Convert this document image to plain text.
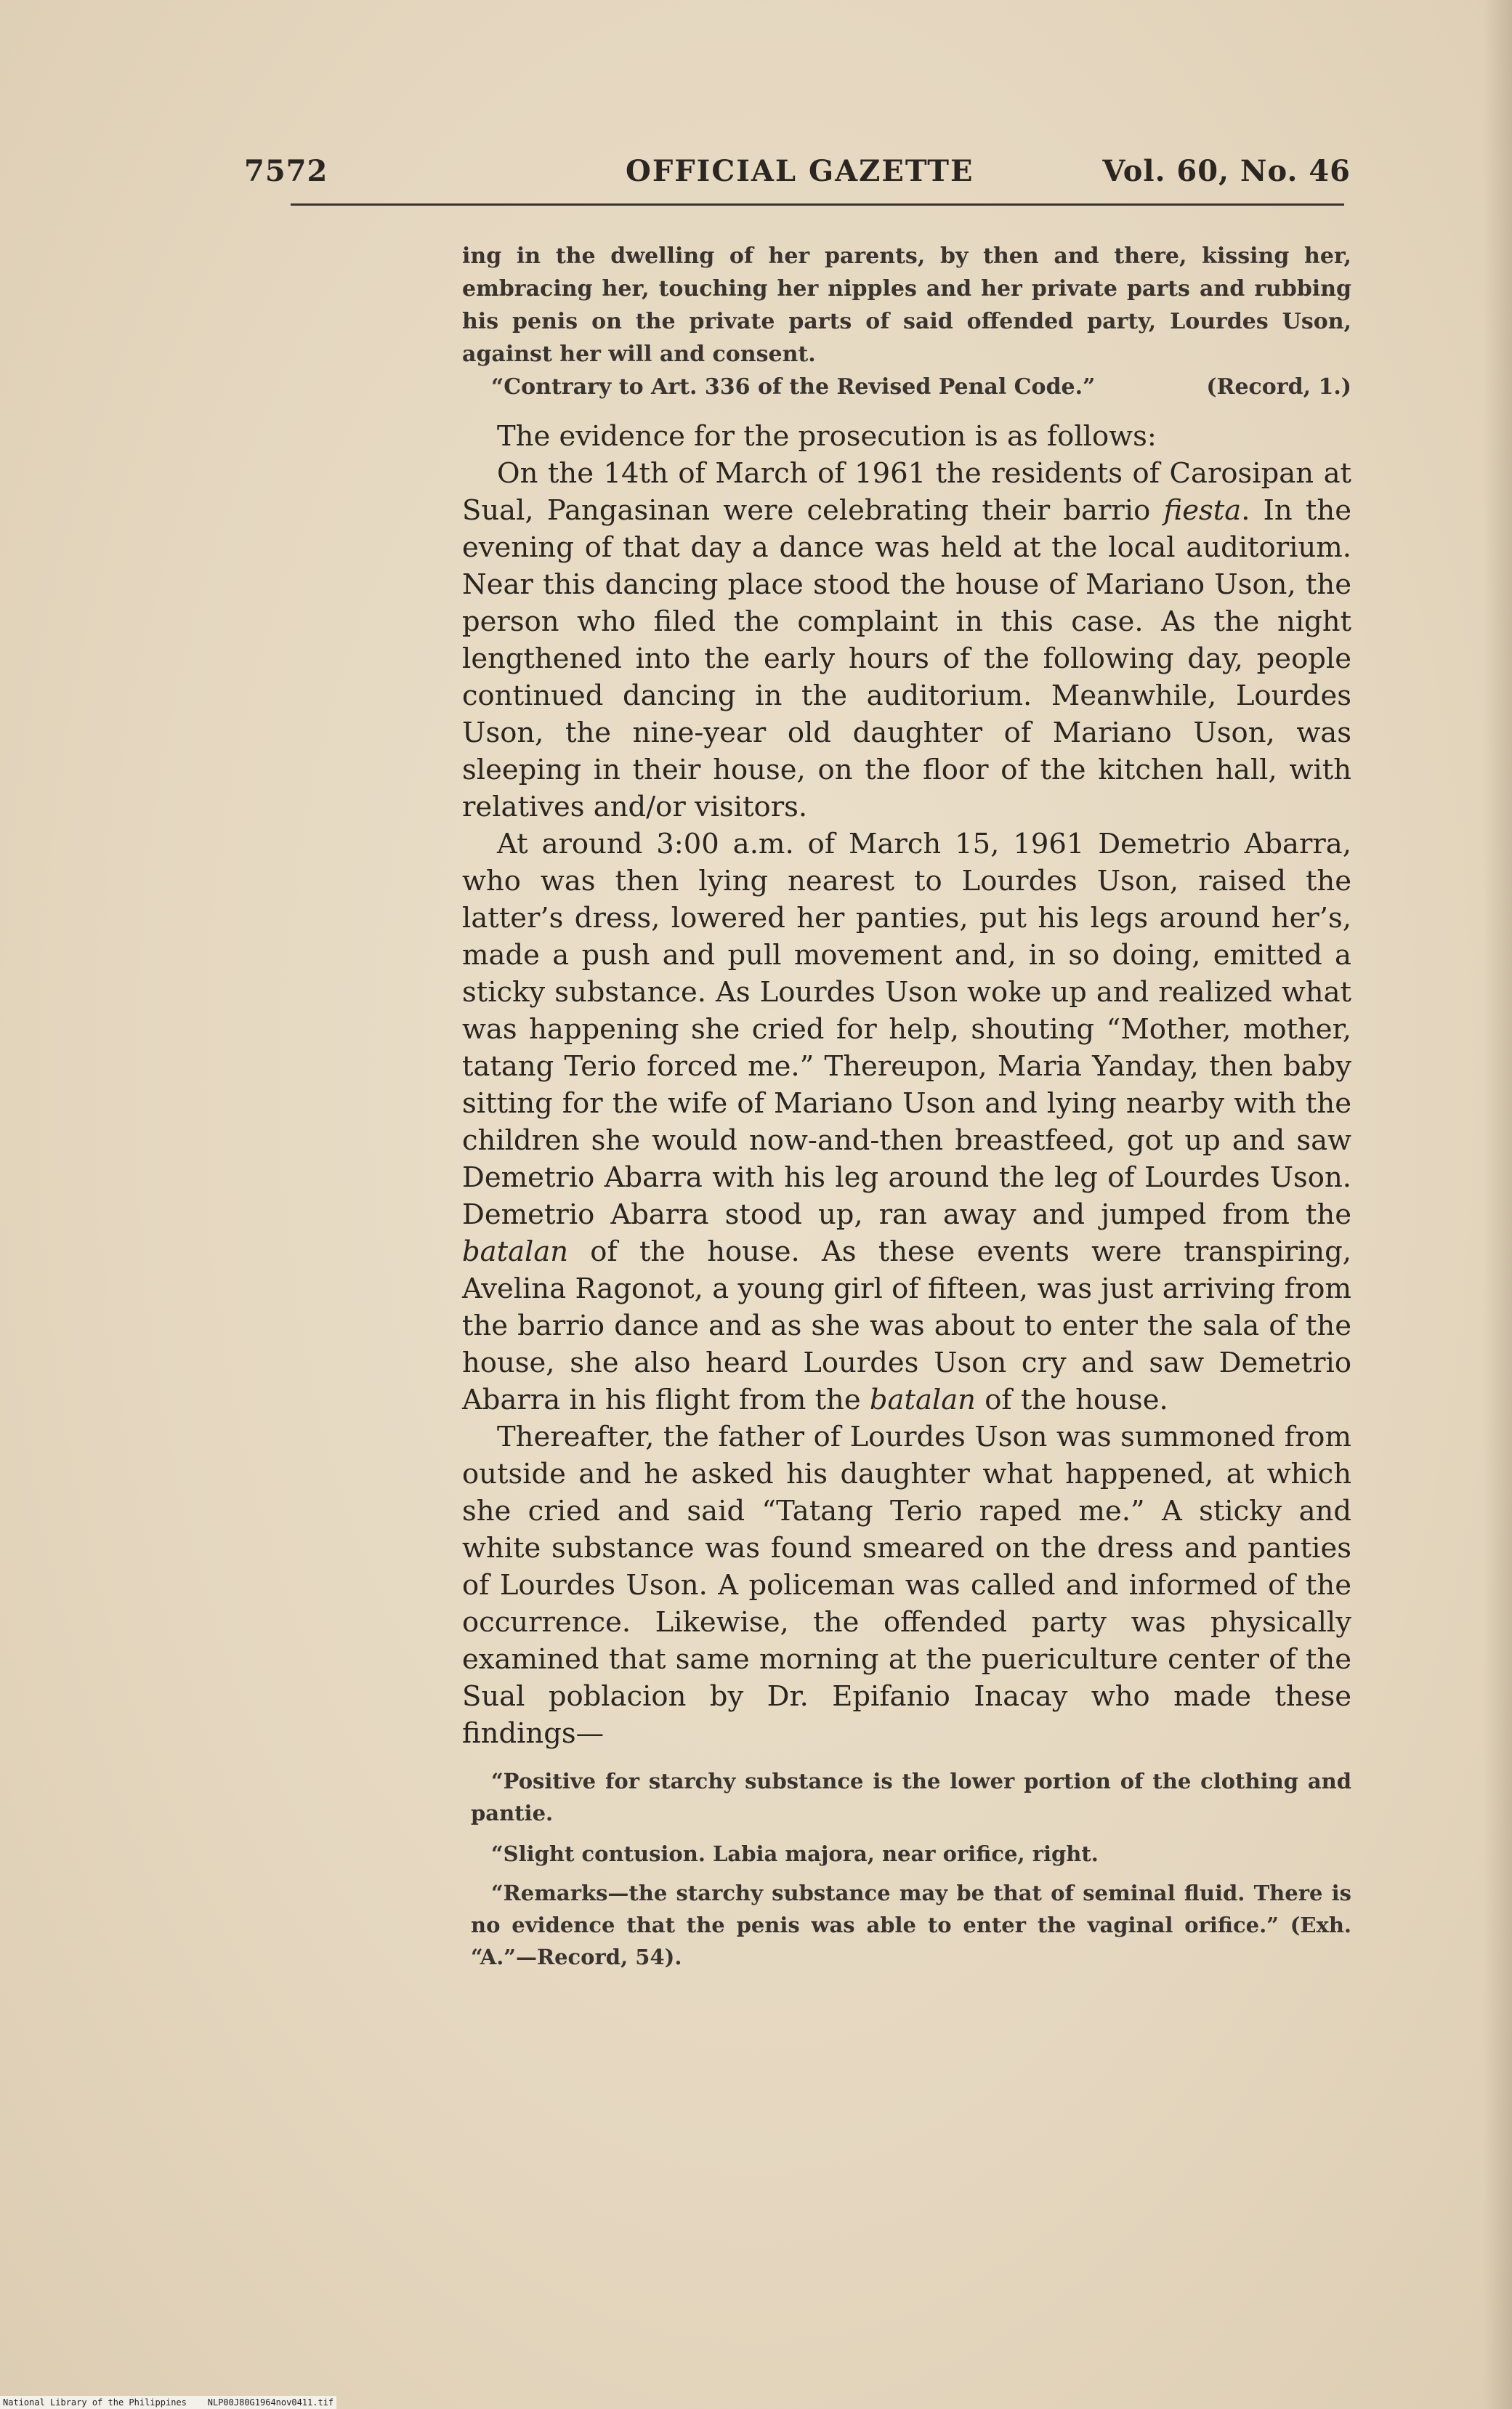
7572	OFFICIAL GAZETTE	Vol. 60, No. 46

ing in the dwelling of her parents, by then and there, kissing her, embracing her, touching her nipples and her private parts and rubbing his penis on the private parts of said offended party, Lourdes Uson, against her will and consent.

“Contrary to Art. 336 of the Revised Penal Code.”	(Record, 1.)

The evidence for the prosecution is as follows:

On the 14th of March of 1961 the residents of Carosipan at Sual, Pangasinan were celebrating their barrio fiesta. In the evening of that day a dance was held at the local auditorium. Near this dancing place stood the house of Mariano Uson, the person who filed the complaint in this case. As the night lengthened into the early hours of the following day, people continued dancing in the auditorium. Meanwhile, Lourdes Uson, the nine-year old daughter of Mariano Uson, was sleeping in their house, on the floor of the kitchen hall, with relatives and/or visitors.

At around 3:00 a.m. of March 15, 1961 Demetrio Abarra, who was then lying nearest to Lourdes Uson, raised the latter’s dress, lowered her panties, put his legs around her’s, made a push and pull movement and, in so doing, emitted a sticky substance. As Lourdes Uson woke up and realized what was happening she cried for help, shouting “Mother, mother, tatang Terio forced me.” Thereupon, Maria Yanday, then baby sitting for the wife of Mariano Uson and lying nearby with the children she would now-and-then breastfeed, got up and saw Demetrio Abarra with his leg around the leg of Lourdes Uson. Demetrio Abarra stood up, ran away and jumped from the batalan of the house. As these events were transpiring, Avelina Ragonot, a young girl of fifteen, was just arriving from the barrio dance and as she was about to enter the sala of the house, she also heard Lourdes Uson cry and saw Demetrio Abarra in his flight from the batalan of the house.

Thereafter, the father of Lourdes Uson was summoned from outside and he asked his daughter what happened, at which she cried and said “Tatang Terio raped me.” A sticky and white substance was found smeared on the dress and panties of Lourdes Uson. A policeman was called and informed of the occurrence. Likewise, the offended party was physically examined that same morning at the puericulture center of the Sual poblacion by Dr. Epifanio Inacay who made these findings—

“Positive for starchy substance is the lower portion of the clothing and pantie.

“Slight contusion. Labia majora, near orifice, right.

“Remarks—the starchy substance may be that of seminal fluid. There is no evidence that the penis was able to enter the vaginal orifice.” (Exh. “A.”—Record, 54).

National Library of the Philippines    NLP00J80G1964nov0411.tif
